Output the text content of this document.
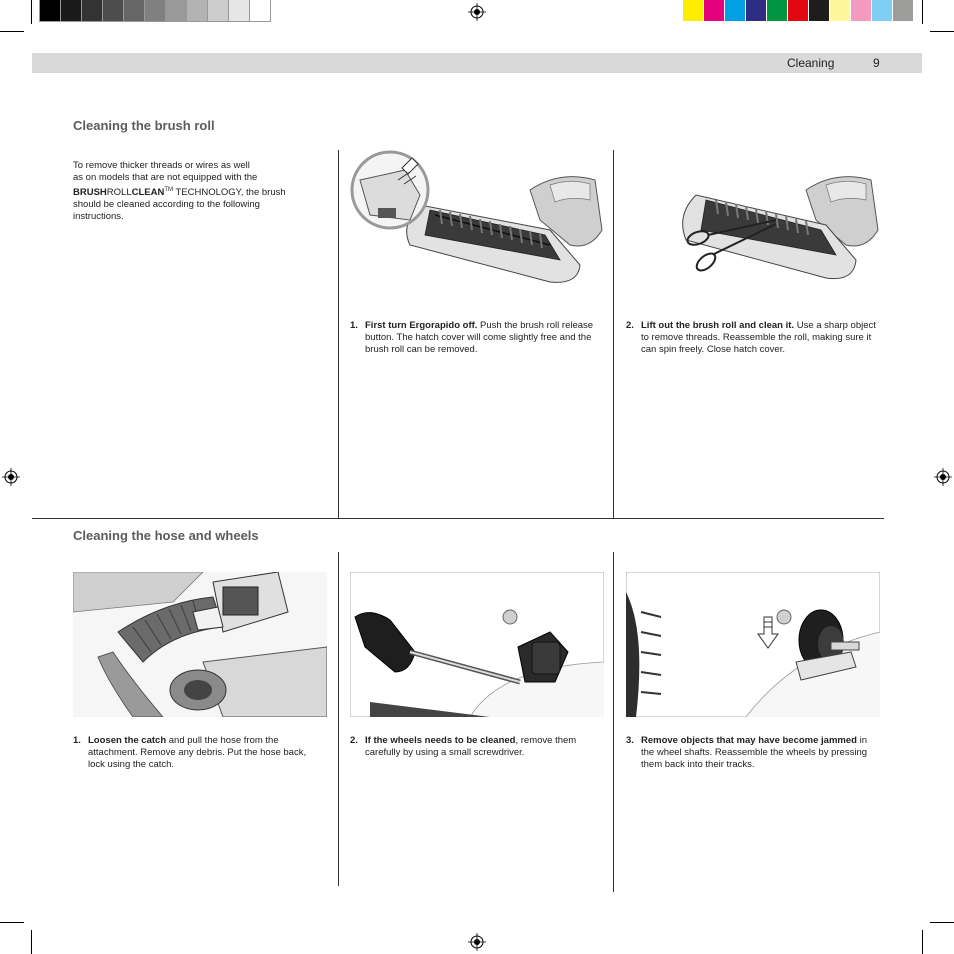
Cleaning	9
Cleaning the brush roll
To remove thicker threads or wires as well
as on models that are not equipped with the
BRUSHROLLCLEAN™ TECHNOLOGY, the brush
should be cleaned according to the following
instructions.
1. First turn Ergorapido off. Push the brush roll release button. The hatch cover will come slightly free and the brush roll can be removed.
2. Lift out the brush roll and clean it. Use a sharp object to remove threads. Reassemble the roll, making sure it can spin freely. Close hatch cover.
Cleaning the hose and wheels
1. Loosen the catch and pull the hose from the attachment. Remove any debris. Put the hose back, lock using the catch.
2. If the wheels needs to be cleaned, remove them carefully by using a small screwdriver.
3. Remove objects that may have become jammed in the wheel shafts. Reassemble the wheels by pressing them back into their tracks.
